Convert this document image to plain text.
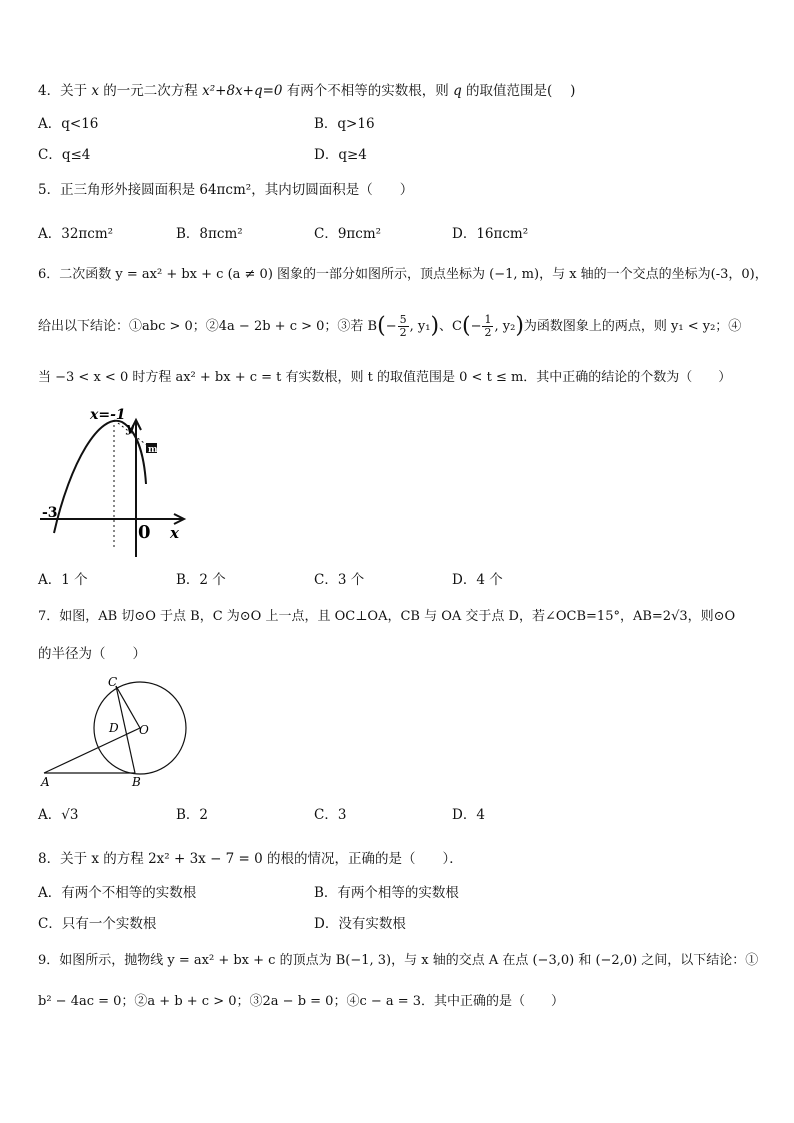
4．关于 x 的一元二次方程 x²+8x+q=0 有两个不相等的实数根，则 q 的取值范围是(　 )
A．q<16	B．q>16
C．q≤4	D．q≥4
5．正三角形外接圆面积是 64πcm²，其内切圆面积是（　　）
A．32πcm²	B．8πcm²	C．9πcm²	D．16πcm²
6．二次函数 y = ax² + bx + c (a ≠ 0) 图象的一部分如图所示，顶点坐标为 (−1, m)，与 x 轴的一个交点的坐标为(-3，0)，
给出以下结论：①abc > 0；②4a − 2b + c > 0；③若 $B(- \frac{5}{2}$ , y₁)、$C(- \frac{1}{2}$ , y₂)为函数图象上的两点，则 y₁ < y₂；④
当 −3 < x < 0 时方程 ax² + bx + c = t 有实数根，则 t 的取值范围是 0 < t ≤ m．其中正确的结论的个数为（　　）
x=-1
y
m
-3
0 x
A．1 个	B．2 个	C．3 个	D．4 个
7．如图，AB 切⊙O 于点 B，C 为⊙O 上一点，且 OC⊥OA，CB 与 OA 交于点 D，若∠OCB=15°，AB=2√3，则⊙O
的半径为（　　）
C
D O
A	B
A．√3	B．2	C．3	D．4
8．关于 x 的方程 2x² + 3x − 7 = 0 的根的情况，正确的是（　　）．
A．有两个不相等的实数根	B．有两个相等的实数根
C．只有一个实数根	D．没有实数根
9．如图所示，抛物线 y = ax² + bx + c 的顶点为 B(−1, 3)，与 x 轴的交点 A 在点 (−3,0) 和 (−2,0) 之间，以下结论：①
b² − 4ac = 0；②a + b + c > 0；③2a − b = 0；④c − a = 3．其中正确的是（　　）
